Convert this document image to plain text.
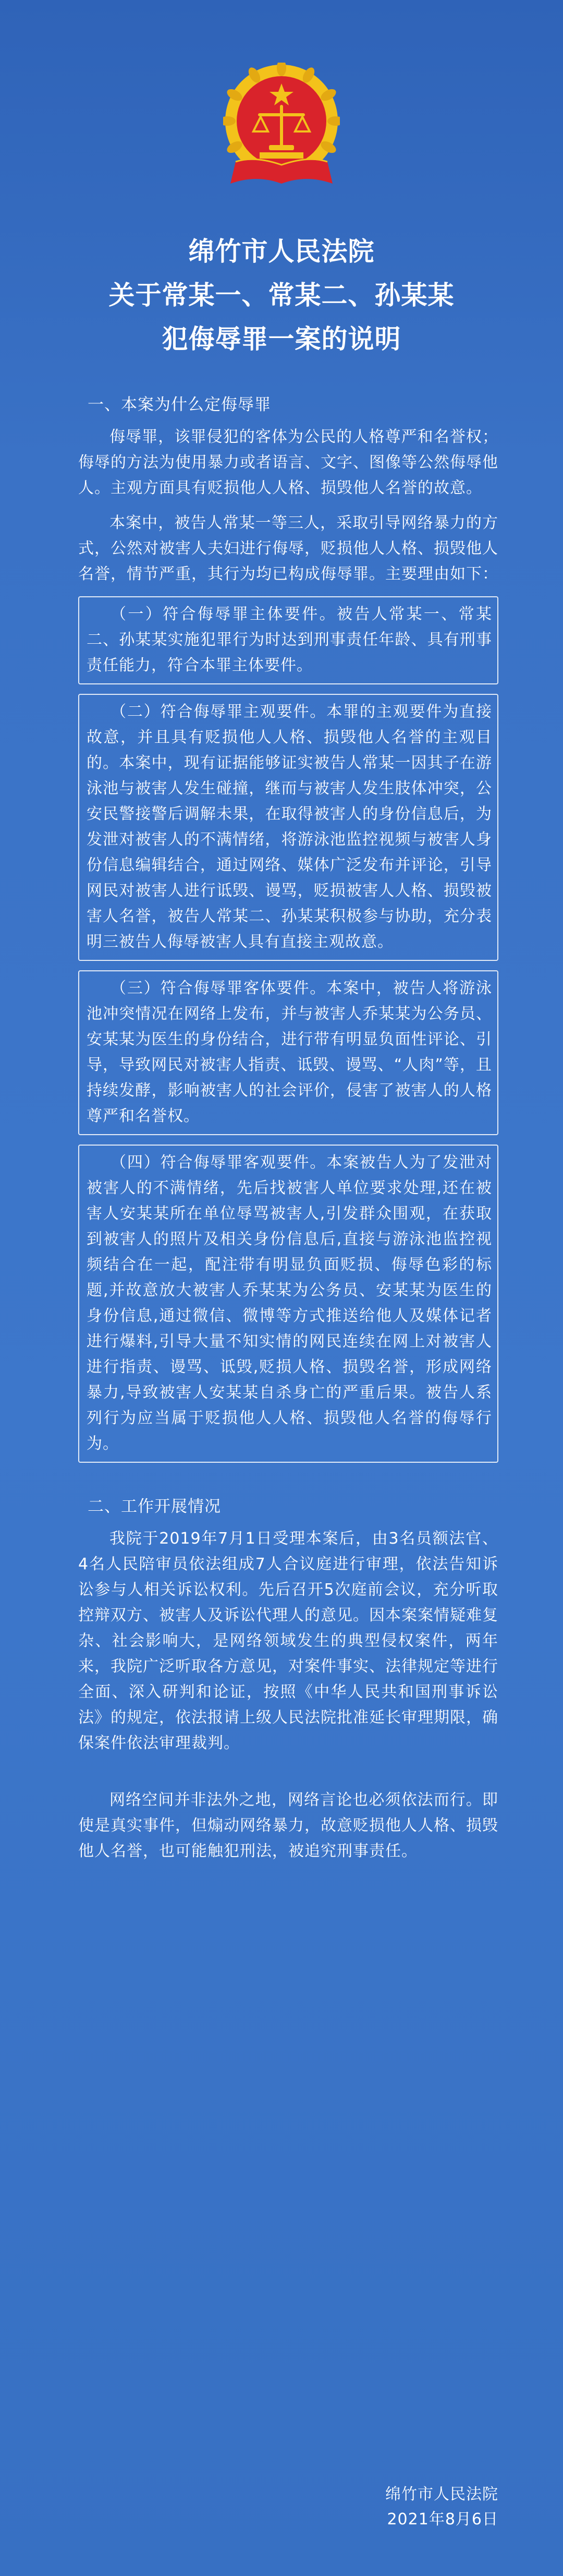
绵竹市人民法院
关于常某一、常某二、孙某某
犯侮辱罪一案的说明
一、本案为什么定侮辱罪
侮辱罪，该罪侵犯的客体为公民的人格尊严和名誉权；侮辱的方法为使用暴力或者语言、文字、图像等公然侮辱他人。主观方面具有贬损他人人格、损毁他人名誉的故意。
本案中，被告人常某一等三人，采取引导网络暴力的方式，公然对被害人夫妇进行侮辱，贬损他人人格、损毁他人名誉，情节严重，其行为均已构成侮辱罪。主要理由如下：
（一）符合侮辱罪主体要件。被告人常某一、常某二、孙某某实施犯罪行为时达到刑事责任年龄、具有刑事责任能力，符合本罪主体要件。
（二）符合侮辱罪主观要件。本罪的主观要件为直接故意，并且具有贬损他人人格、损毁他人名誉的主观目的。本案中，现有证据能够证实被告人常某一因其子在游泳池与被害人发生碰撞，继而与被害人发生肢体冲突，公安民警接警后调解未果，在取得被害人的身份信息后，为发泄对被害人的不满情绪，将游泳池监控视频与被害人身份信息编辑结合，通过网络、媒体广泛发布并评论，引导网民对被害人进行诋毁、谩骂，贬损被害人人格、损毁被害人名誉，被告人常某二、孙某某积极参与协助，充分表明三被告人侮辱被害人具有直接主观故意。
（三）符合侮辱罪客体要件。本案中，被告人将游泳池冲突情况在网络上发布，并与被害人乔某某为公务员、安某某为医生的身份结合，进行带有明显负面性评论、引导，导致网民对被害人指责、诋毁、谩骂、“人肉”等，且持续发酵，影响被害人的社会评价，侵害了被害人的人格尊严和名誉权。
（四）符合侮辱罪客观要件。本案被告人为了发泄对被害人的不满情绪，先后找被害人单位要求处理,还在被害人安某某所在单位辱骂被害人,引发群众围观，在获取到被害人的照片及相关身份信息后,直接与游泳池监控视频结合在一起，配注带有明显负面贬损、侮辱色彩的标题,并故意放大被害人乔某某为公务员、安某某为医生的身份信息,通过微信、微博等方式推送给他人及媒体记者进行爆料,引导大量不知实情的网民连续在网上对被害人进行指责、谩骂、诋毁,贬损人格、损毁名誉，形成网络暴力,导致被害人安某某自杀身亡的严重后果。被告人系列行为应当属于贬损他人人格、损毁他人名誉的侮辱行为。
二、工作开展情况
我院于2019年7月1日受理本案后，由3名员额法官、4名人民陪审员依法组成7人合议庭进行审理，依法告知诉讼参与人相关诉讼权利。先后召开5次庭前会议，充分听取控辩双方、被害人及诉讼代理人的意见。因本案案情疑难复杂、社会影响大，是网络领域发生的典型侵权案件，两年来，我院广泛听取各方意见，对案件事实、法律规定等进行全面、深入研判和论证，按照《中华人民共和国刑事诉讼法》的规定，依法报请上级人民法院批准延长审理期限，确保案件依法审理裁判。
网络空间并非法外之地，网络言论也必须依法而行。即使是真实事件，但煽动网络暴力，故意贬损他人人格、损毁他人名誉，也可能触犯刑法，被追究刑事责任。
绵竹市人民法院
2021年8月6日
